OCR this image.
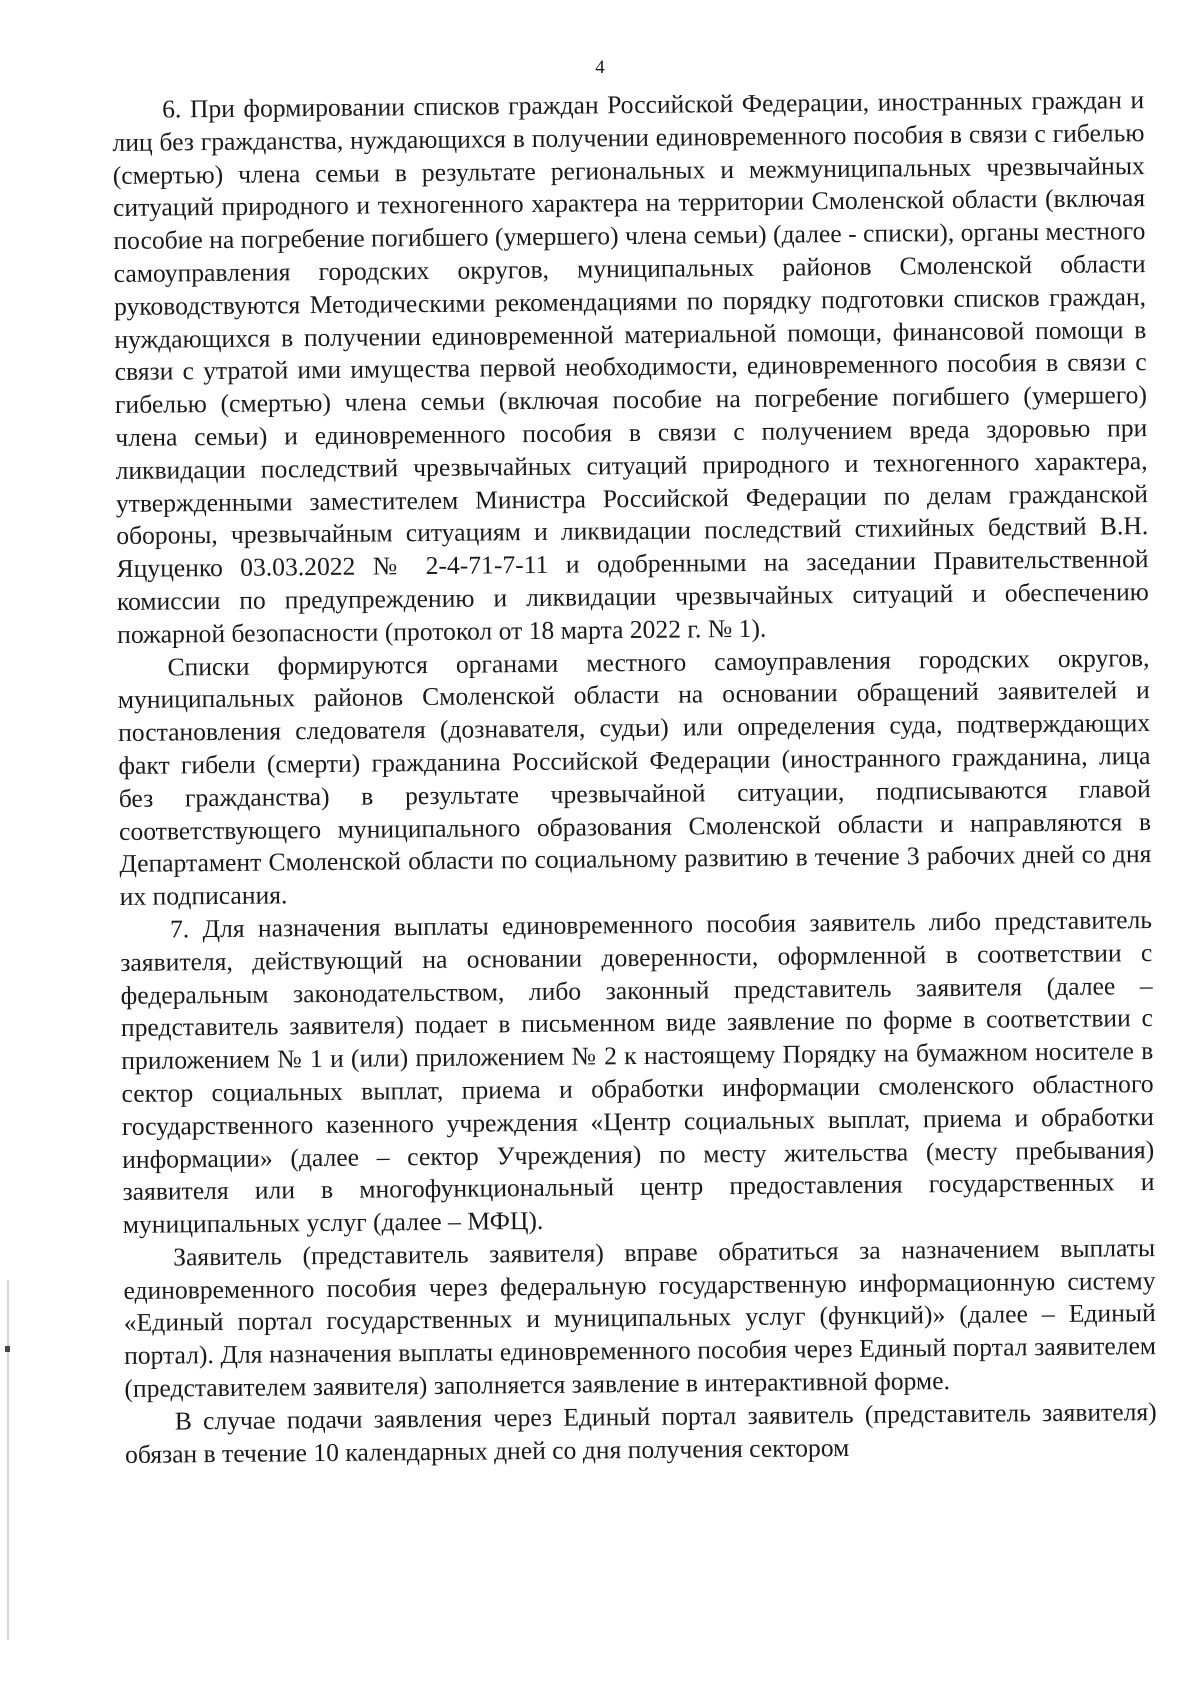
4

6. При формировании списков граждан Российской Федерации, иностранных граждан и лиц без гражданства, нуждающихся в получении единовременного пособия в связи с гибелью (смертью) члена семьи в результате региональных и межмуниципальных чрезвычайных ситуаций природного и техногенного характера на территории Смоленской области (включая пособие на погребение погибшего (умершего) члена семьи) (далее - списки), органы местного самоуправления городских округов, муниципальных районов Смоленской области руководствуются Методическими рекомендациями по порядку подготовки списков граждан, нуждающихся в получении единовременной материальной помощи, финансовой помощи в связи с утратой ими имущества первой необходимости, единовременного пособия в связи с гибелью (смертью) члена семьи (включая пособие на погребение погибшего (умершего) члена семьи) и единовременного пособия в связи с получением вреда здоровью при ликвидации последствий чрезвычайных ситуаций природного и техногенного характера, утвержденными заместителем Министра Российской Федерации по делам гражданской обороны, чрезвычайным ситуациям и ликвидации последствий стихийных бедствий В.Н. Яцуценко 03.03.2022 № 2-4-71-7-11 и одобренными на заседании Правительственной комиссии по предупреждению и ликвидации чрезвычайных ситуаций и обеспечению пожарной безопасности (протокол от 18 марта 2022 г. № 1).

Списки формируются органами местного самоуправления городских округов, муниципальных районов Смоленской области на основании обращений заявителей и постановления следователя (дознавателя, судьи) или определения суда, подтверждающих факт гибели (смерти) гражданина Российской Федерации (иностранного гражданина, лица без гражданства) в результате чрезвычайной ситуации, подписываются главой соответствующего муниципального образования Смоленской области и направляются в Департамент Смоленской области по социальному развитию в течение 3 рабочих дней со дня их подписания.

7. Для назначения выплаты единовременного пособия заявитель либо представитель заявителя, действующий на основании доверенности, оформленной в соответствии с федеральным законодательством, либо законный представитель заявителя (далее – представитель заявителя) подает в письменном виде заявление по форме в соответствии с приложением № 1 и (или) приложением № 2 к настоящему Порядку на бумажном носителе в сектор социальных выплат, приема и обработки информации смоленского областного государственного казенного учреждения «Центр социальных выплат, приема и обработки информации» (далее – сектор Учреждения) по месту жительства (месту пребывания) заявителя или в многофункциональный центр предоставления государственных и муниципальных услуг (далее – МФЦ).

Заявитель (представитель заявителя) вправе обратиться за назначением выплаты единовременного пособия через федеральную государственную информационную систему «Единый портал государственных и муниципальных услуг (функций)» (далее – Единый портал). Для назначения выплаты единовременного пособия через Единый портал заявителем (представителем заявителя) заполняется заявление в интерактивной форме.

В случае подачи заявления через Единый портал заявитель (представитель заявителя) обязан в течение 10 календарных дней со дня получения сектором
